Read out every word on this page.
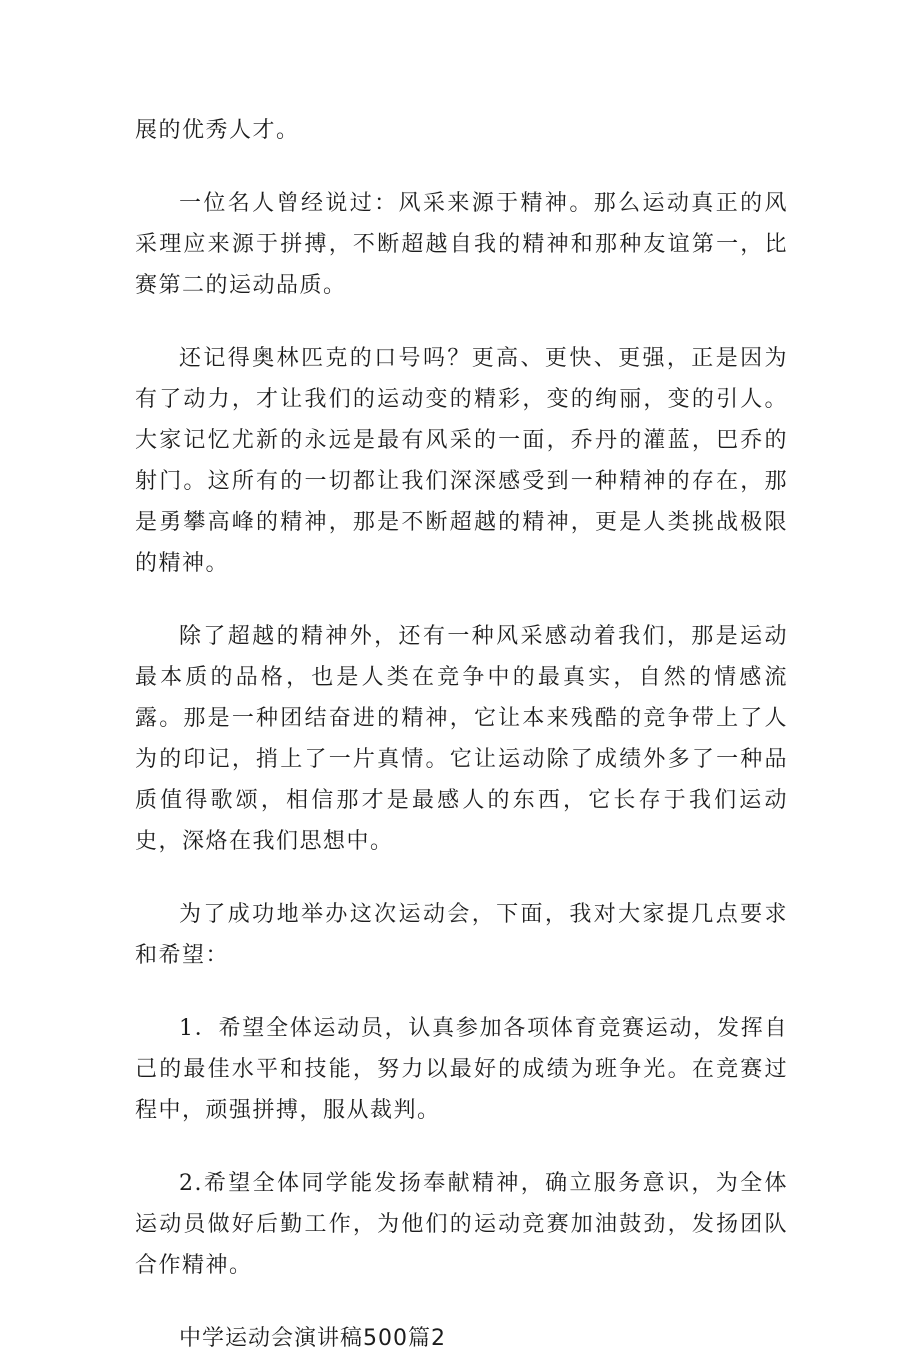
展的优秀人才。

一位名人曾经说过：风采来源于精神。那么运动真正的风采理应来源于拼搏，不断超越自我的精神和那种友谊第一，比赛第二的运动品质。

还记得奥林匹克的口号吗？更高、更快、更强，正是因为有了动力，才让我们的运动变的精彩，变的绚丽，变的引人。大家记忆尤新的永远是最有风采的一面，乔丹的灌蓝，巴乔的射门。这所有的一切都让我们深深感受到一种精神的存在，那是勇攀高峰的精神，那是不断超越的精神，更是人类挑战极限的精神。

除了超越的精神外，还有一种风采感动着我们，那是运动最本质的品格，也是人类在竞争中的最真实，自然的情感流露。那是一种团结奋进的精神，它让本来残酷的竞争带上了人为的印记，捎上了一片真情。它让运动除了成绩外多了一种品质值得歌颂，相信那才是最感人的东西，它长存于我们运动史，深烙在我们思想中。

为了成功地举办这次运动会，下面，我对大家提几点要求和希望：

1．希望全体运动员，认真参加各项体育竞赛运动，发挥自己的最佳水平和技能，努力以最好的成绩为班争光。在竞赛过程中，顽强拼搏，服从裁判。

2.希望全体同学能发扬奉献精神，确立服务意识，为全体运动员做好后勤工作，为他们的运动竞赛加油鼓劲，发扬团队合作精神。

中学运动会演讲稿500篇2
